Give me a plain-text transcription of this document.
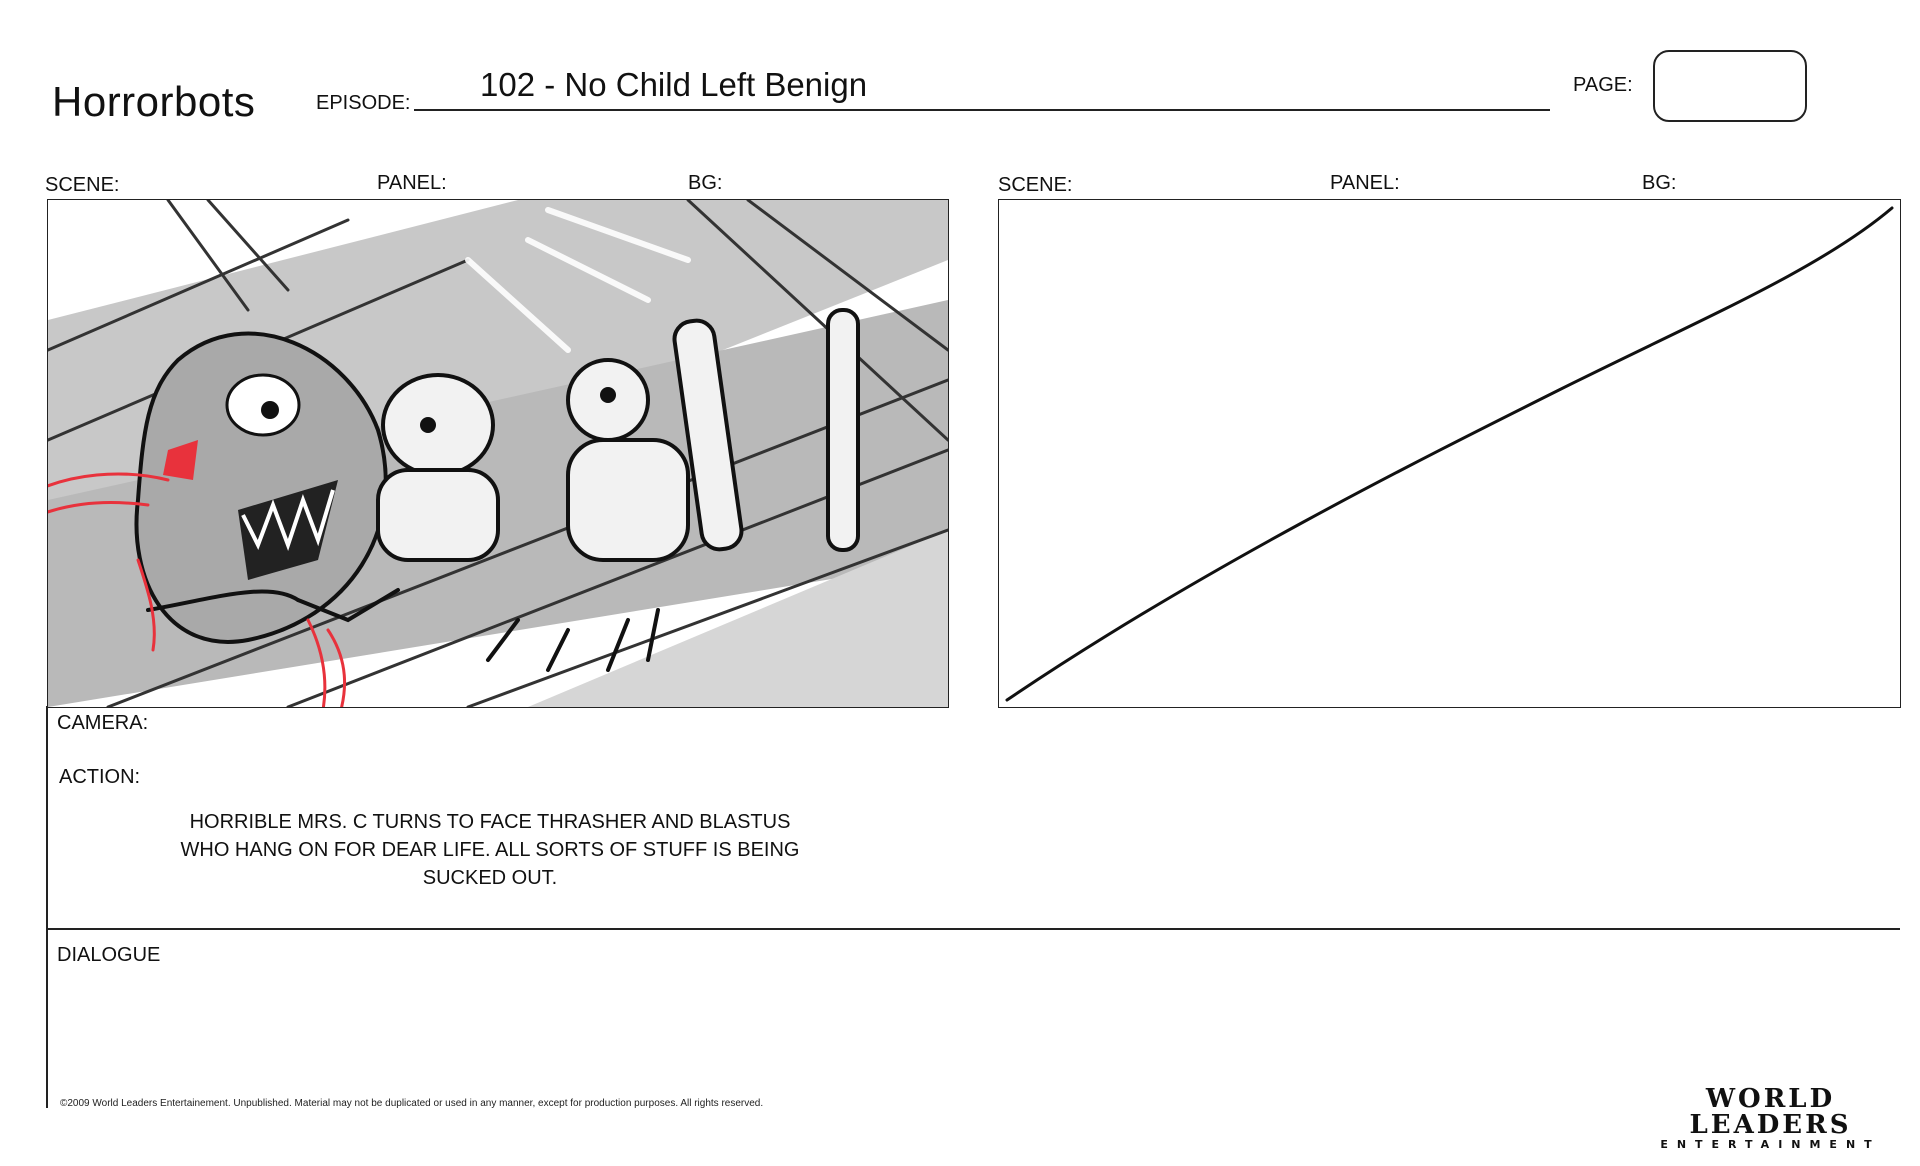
Horrorbots	EPISODE: 102 - No Child Left Benign	PAGE:
SCENE:	PANEL:	BG:	SCENE:	PANEL:	BG:
CAMERA:
ACTION:
HORRIBLE MRS. C TURNS TO FACE THRASHER AND BLASTUS WHO HANG ON FOR DEAR LIFE. ALL SORTS OF STUFF IS BEING SUCKED OUT.
DIALOGUE
©2009 World Leaders Entertainement. Unpublished. Material may not be duplicated or used in any manner, except for production purposes. All rights reserved.	WORLD LEADERS
ENTERTAINMENT
